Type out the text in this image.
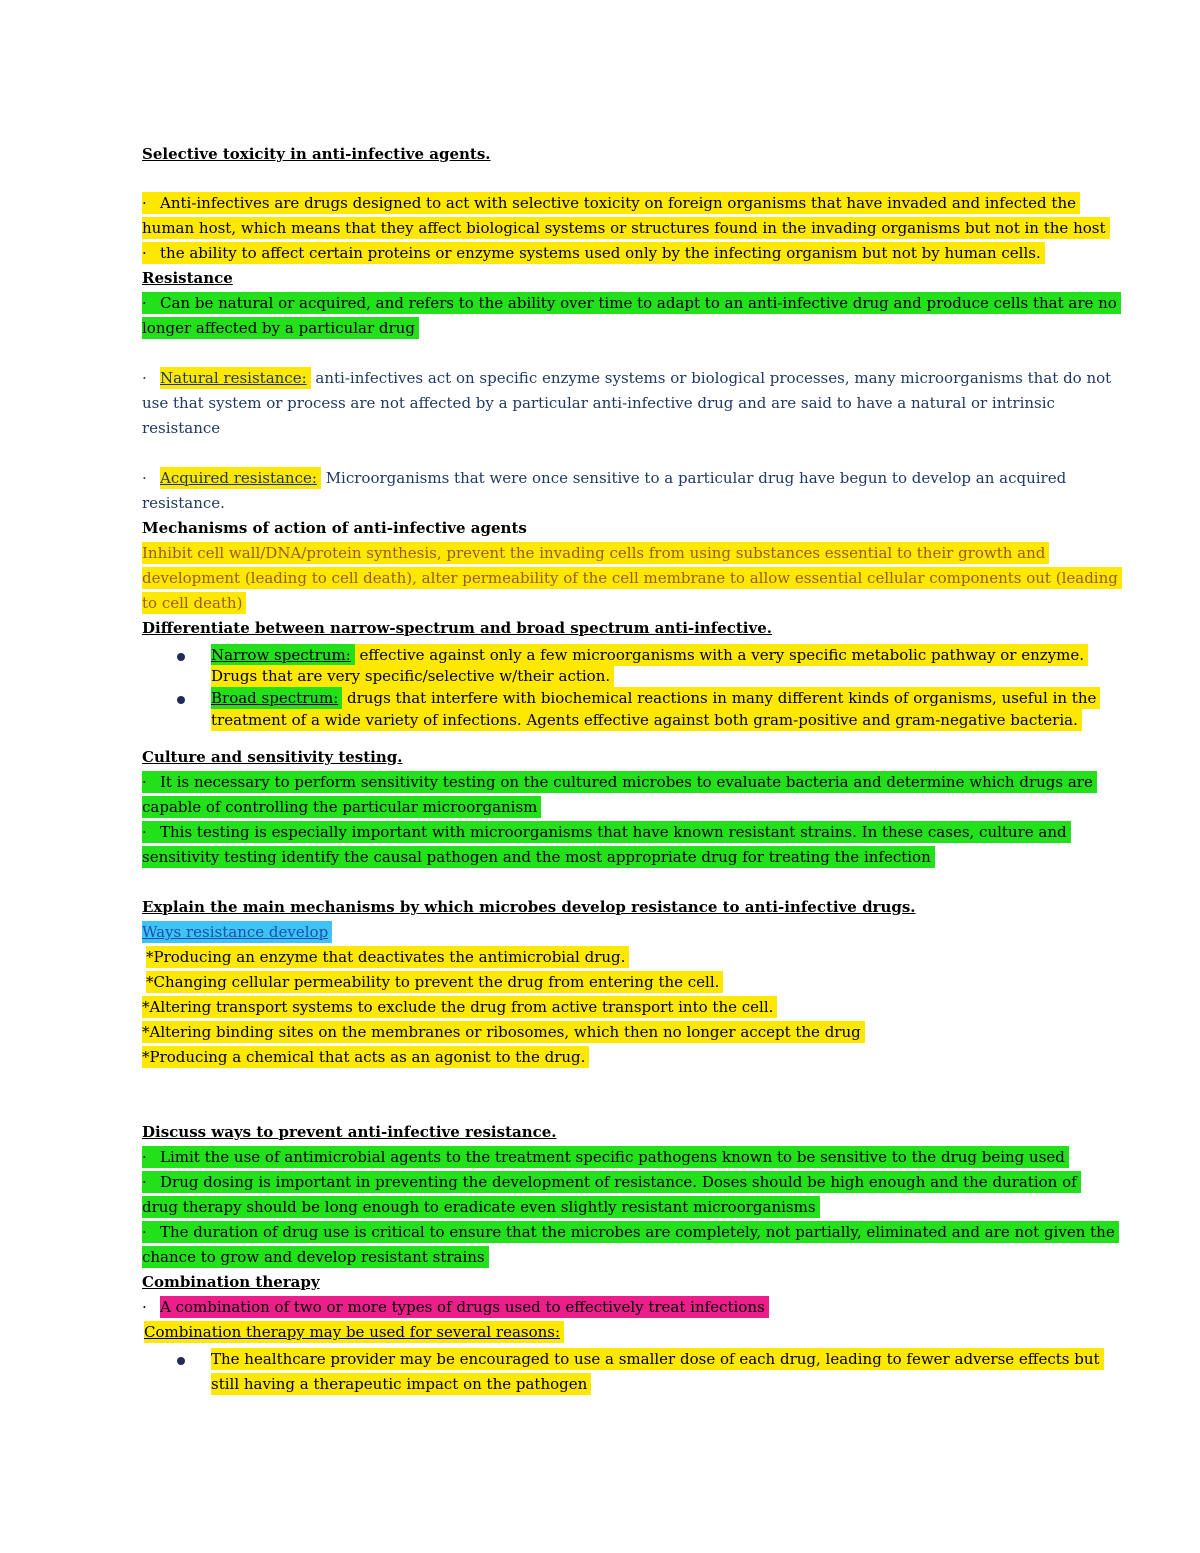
Selective toxicity in anti-infective agents.
· Anti-infectives are drugs designed to act with selective toxicity on foreign organisms that have invaded and infected the
human host, which means that they affect biological systems or structures found in the invading organisms but not in the host
· the ability to affect certain proteins or enzyme systems used only by the infecting organism but not by human cells.
Resistance
· Can be natural or acquired, and refers to the ability over time to adapt to an anti-infective drug and produce cells that are no
longer affected by a particular drug
· Natural resistance: anti-infectives act on specific enzyme systems or biological processes, many microorganisms that do not
use that system or process are not affected by a particular anti-infective drug and are said to have a natural or intrinsic
resistance
· Acquired resistance: Microorganisms that were once sensitive to a particular drug have begun to develop an acquired
resistance.
Mechanisms of action of anti-infective agents
Inhibit cell wall/DNA/protein synthesis, prevent the invading cells from using substances essential to their growth and
development (leading to cell death), alter permeability of the cell membrane to allow essential cellular components out (leading
to cell death)
Differentiate between narrow-spectrum and broad spectrum anti-infective.
Narrow spectrum: effective against only a few microorganisms with a very specific metabolic pathway or enzyme.
Drugs that are very specific/selective w/their action.
Broad spectrum: drugs that interfere with biochemical reactions in many different kinds of organisms, useful in the
treatment of a wide variety of infections. Agents effective against both gram-positive and gram-negative bacteria.
Culture and sensitivity testing.
· It is necessary to perform sensitivity testing on the cultured microbes to evaluate bacteria and determine which drugs are
capable of controlling the particular microorganism
· This testing is especially important with microorganisms that have known resistant strains. In these cases, culture and
sensitivity testing identify the causal pathogen and the most appropriate drug for treating the infection
Explain the main mechanisms by which microbes develop resistance to anti-infective drugs.
Ways resistance develop
*Producing an enzyme that deactivates the antimicrobial drug.
*Changing cellular permeability to prevent the drug from entering the cell.
*Altering transport systems to exclude the drug from active transport into the cell.
*Altering binding sites on the membranes or ribosomes, which then no longer accept the drug
*Producing a chemical that acts as an agonist to the drug.
Discuss ways to prevent anti-infective resistance.
· Limit the use of antimicrobial agents to the treatment specific pathogens known to be sensitive to the drug being used
· Drug dosing is important in preventing the development of resistance. Doses should be high enough and the duration of
drug therapy should be long enough to eradicate even slightly resistant microorganisms
· The duration of drug use is critical to ensure that the microbes are completely, not partially, eliminated and are not given the
chance to grow and develop resistant strains
Combination therapy
· A combination of two or more types of drugs used to effectively treat infections
Combination therapy may be used for several reasons:
The healthcare provider may be encouraged to use a smaller dose of each drug, leading to fewer adverse effects but
still having a therapeutic impact on the pathogen
